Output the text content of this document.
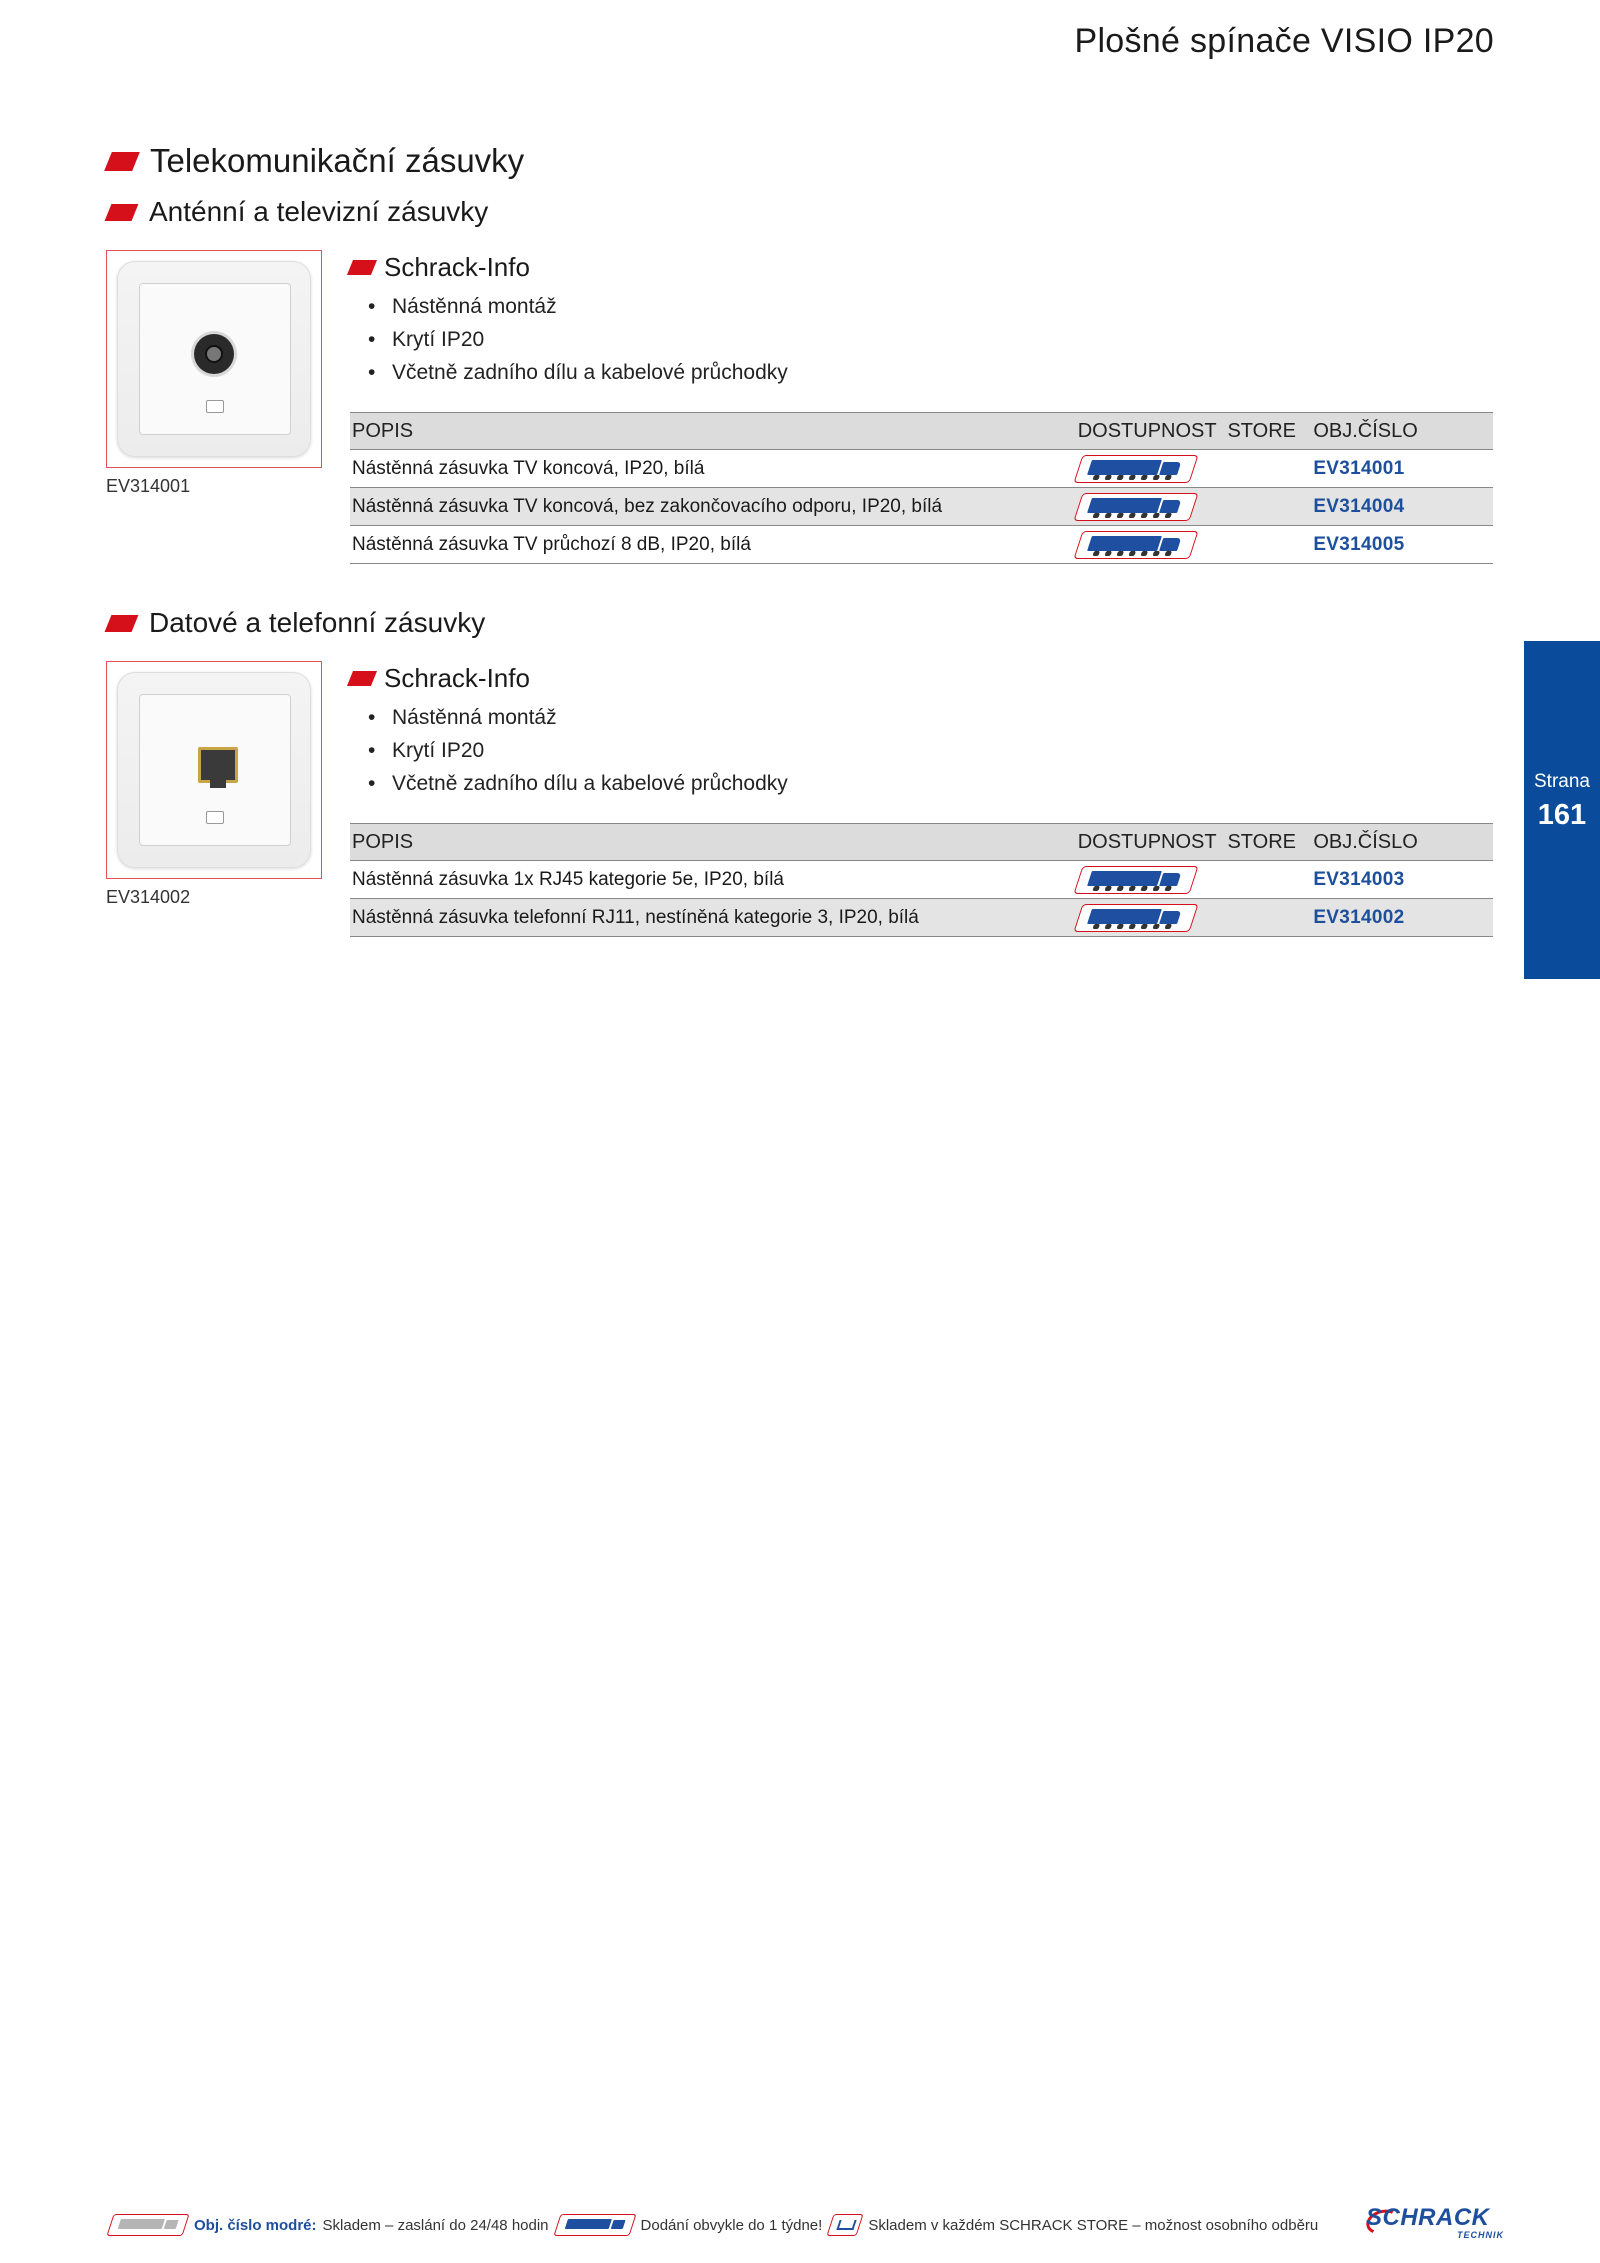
Plošné spínače VISIO IP20
Telekomunikační zásuvky
Anténní a televizní zásuvky
EV314001
Schrack-Info
• Nástěnná montáž
• Krytí IP20
• Včetně zadního dílu a kabelové průchodky
POPIS	DOSTUPNOST STORE OBJ.ČÍSLO
Nástěnná zásuvka TV koncová, IP20, bílá	EV314001
Nástěnná zásuvka TV koncová, bez zakončovacího odporu, IP20, bílá	EV314004
Nástěnná zásuvka TV průchozí 8 dB, IP20, bílá	EV314005
Datové a telefonní zásuvky
EV314002
Schrack-Info
• Nástěnná montáž
• Krytí IP20
• Včetně zadního dílu a kabelové průchodky
POPIS	DOSTUPNOST STORE OBJ.ČÍSLO
Nástěnná zásuvka 1x RJ45 kategorie 5e, IP20, bílá	EV314003
Nástěnná zásuvka telefonní RJ11, nestíněná kategorie 3, IP20, bílá	EV314002
Strana
161
Obj. číslo modré: Skladem – zaslání do 24/48 hodin	Dodání obvykle do 1 týdne!	Skladem v každém SCHRACK STORE – možnost osobního odběru SCHRACK
TECHNIK
